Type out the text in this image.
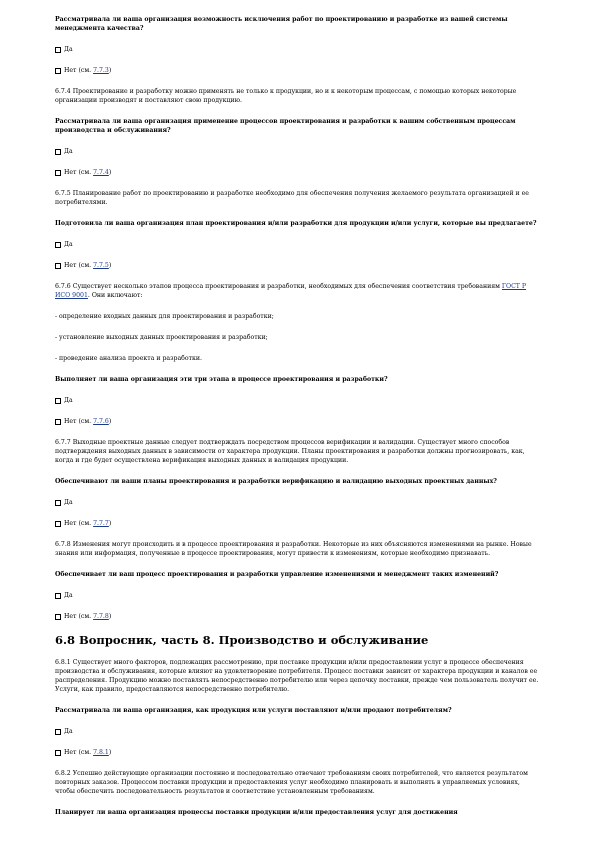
Рассматривала ли ваша организация возможность исключения работ по проектированию и разработке из вашей системы менеджмента качества?
Да
Нет (см. 7.7.3 )
6.7.4 Проектирование и разработку можно применять не только к продукции, но и к некоторым процессам, с помощью которых некоторые организации производят и поставляют свою продукцию.
Рассматривала ли ваша организация применение процессов проектирования и разработки к вашим собственным процессам производства и обслуживания?
Да
Нет (см. 7.7.4 )
6.7.5 Планирование работ по проектированию и разработке необходимо для обеспечения получения желаемого результата организацией и ее потребителями.
Подготовила ли ваша организация план проектирования и/или разработки для продукции и/или услуги, которые вы предлагаете?
Да
Нет (см. 7.7.5 )
6.7.6 Существует несколько этапов процесса проектирования и разработки, необходимых для обеспечения соответствия требованиям ГОСТ Р ИСО 9001. Они включают:
- определение входных данных для проектирования и разработки;
- установление выходных данных проектирования и разработки;
- проведение анализа проекта и разработки.
Выполняет ли ваша организация эти три этапа в процессе проектирования и разработки?
Да
Нет (см. 7.7.6 )
6.7.7 Выходные проектные данные следует подтверждать посредством процессов верификации и валидации. Существует много способов подтверждения выходных данных в зависимости от характера продукции. Планы проектирования и разработки должны прогнозировать, как, когда и где будет осуществлена верификация выходных данных и валидация продукции.
Обеспечивают ли ваши планы проектирования и разработки верификацию и валидацию выходных проектных данных?
Да
Нет (см. 7.7.7 )
6.7.8 Изменения могут происходить и в процессе проектирования и разработки. Некоторые из них объясняются изменениями на рынке. Новые знания или информация, полученные в процессе проектирования, могут привести к изменениям, которые необходимо признавать.
Обеспечивает ли ваш процесс проектирования и разработки управление изменениями и менеджмент таких изменений?
Да
Нет (см. 7.7.8 )
6.8 Вопросник, часть 8. Производство и обслуживание
6.8.1 Существует много факторов, подлежащих рассмотрению, при поставке продукции и/или предоставлении услуг в процессе обеспечения производства и обслуживания, которые влияют на удовлетворение потребителя. Процесс поставки зависит от характера продукции и каналов ее распределения. Продукцию можно поставлять непосредственно потребителю или через цепочку поставки, прежде чем пользователь получит ее. Услуги, как правило, предоставляются непосредственно потребителю.
Рассматривала ли ваша организация, как продукция или услуги поставляют и/или продают потребителям?
Да
Нет (см. 7.8.1 )
6.8.2 Успешно действующие организации постоянно и последовательно отвечают требованиям своих потребителей, что является результатом повторных заказов. Процессом поставки продукции и предоставления услуг необходимо планировать и выполнять в управляемых условиях, чтобы обеспечить последовательность результатов и соответствие установленным требованиям.
Планирует ли ваша организация процессы поставки продукции и/или предоставления услуг для достижения
